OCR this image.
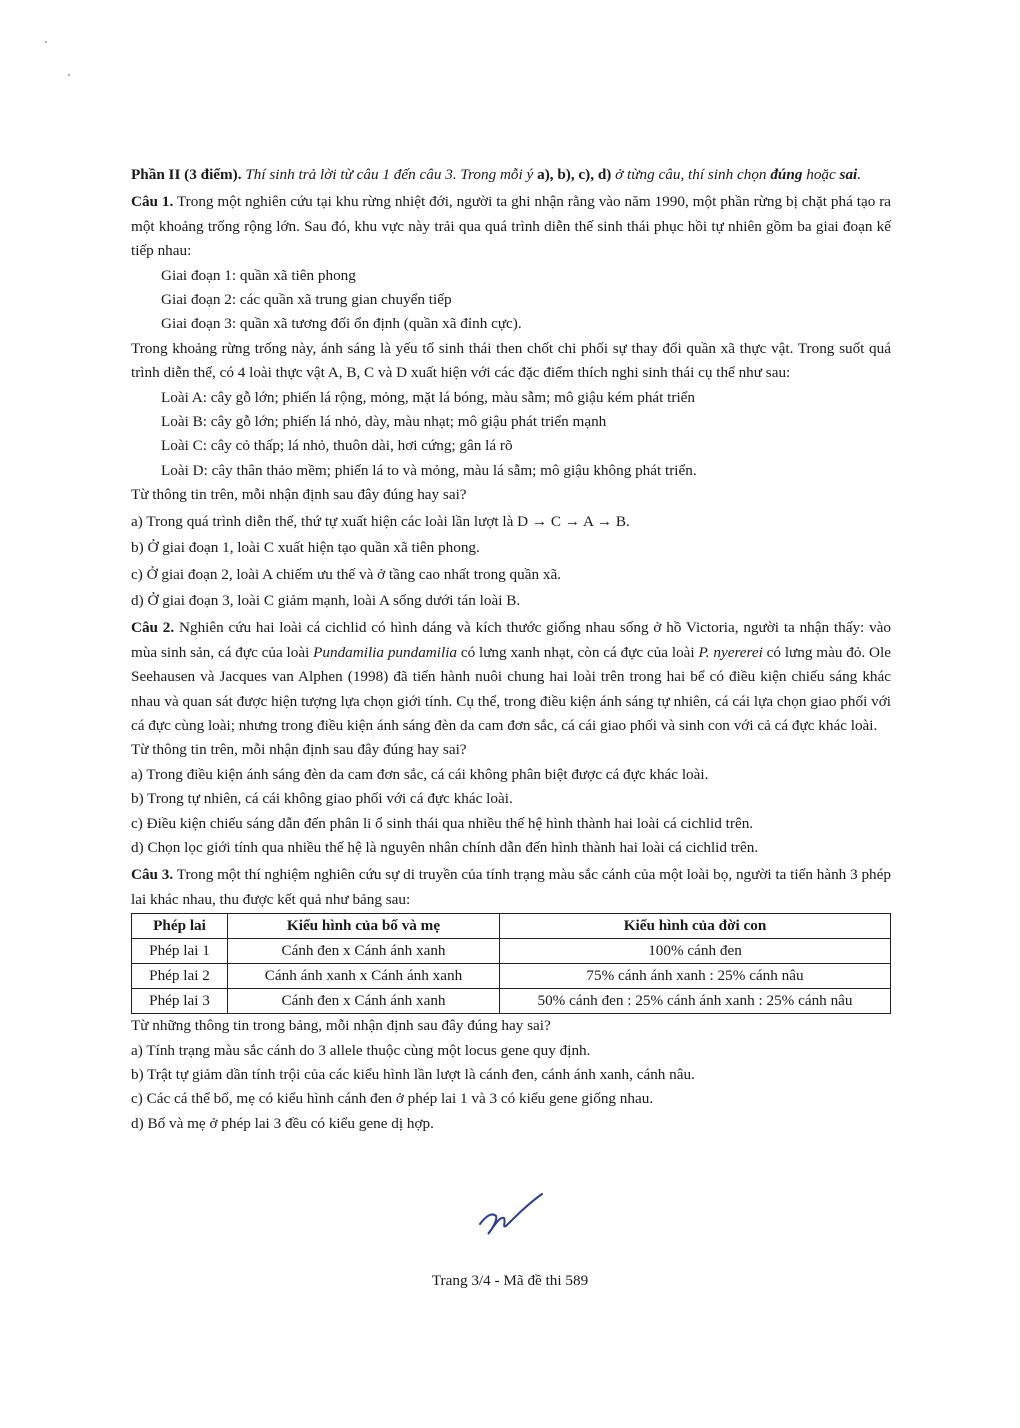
Phần II (3 điểm). Thí sinh trả lời từ câu 1 đến câu 3. Trong mỗi ý a), b), c), d) ở từng câu, thí sinh chọn đúng hoặc sai.

Câu 1. Trong một nghiên cứu tại khu rừng nhiệt đới, người ta ghi nhận rằng vào năm 1990, một phần rừng bị chặt phá tạo ra một khoảng trống rộng lớn. Sau đó, khu vực này trải qua quá trình diễn thế sinh thái phục hồi tự nhiên gồm ba giai đoạn kế tiếp nhau:

Giai đoạn 1: quần xã tiên phong

Giai đoạn 2: các quần xã trung gian chuyển tiếp

Giai đoạn 3: quần xã tương đối ổn định (quần xã đỉnh cực).

Trong khoảng rừng trống này, ánh sáng là yếu tố sinh thái then chốt chi phối sự thay đổi quần xã thực vật. Trong suốt quá trình diễn thế, có 4 loài thực vật A, B, C và D xuất hiện với các đặc điểm thích nghi sinh thái cụ thể như sau:

Loài A: cây gỗ lớn; phiến lá rộng, mỏng, mặt lá bóng, màu sẫm; mô giậu kém phát triển

Loài B: cây gỗ lớn; phiến lá nhỏ, dày, màu nhạt; mô giậu phát triển mạnh

Loài C: cây cỏ thấp; lá nhỏ, thuôn dài, hơi cứng; gân lá rõ

Loài D: cây thân thảo mềm; phiến lá to và mỏng, màu lá sẫm; mô giậu không phát triển.

Từ thông tin trên, mỗi nhận định sau đây đúng hay sai?

a) Trong quá trình diễn thế, thứ tự xuất hiện các loài lần lượt là D → C → A → B.

b) Ở giai đoạn 1, loài C xuất hiện tạo quần xã tiên phong.

c) Ở giai đoạn 2, loài A chiếm ưu thế và ở tầng cao nhất trong quần xã.

d) Ở giai đoạn 3, loài C giảm mạnh, loài A sống dưới tán loài B.

Câu 2. Nghiên cứu hai loài cá cichlid có hình dáng và kích thước giống nhau sống ở hồ Victoria, người ta nhận thấy: vào mùa sinh sản, cá đực của loài Pundamilia pundamilia có lưng xanh nhạt, còn cá đực của loài P. nyererei có lưng màu đỏ. Ole Seehausen và Jacques van Alphen (1998) đã tiến hành nuôi chung hai loài trên trong hai bể có điều kiện chiếu sáng khác nhau và quan sát được hiện tượng lựa chọn giới tính. Cụ thể, trong điều kiện ánh sáng tự nhiên, cá cái lựa chọn giao phối với cá đực cùng loài; nhưng trong điều kiện ánh sáng đèn da cam đơn sắc, cá cái giao phối và sinh con với cả cá đực khác loài.

Từ thông tin trên, mỗi nhận định sau đây đúng hay sai?

a) Trong điều kiện ánh sáng đèn da cam đơn sắc, cá cái không phân biệt được cá đực khác loài.

b) Trong tự nhiên, cá cái không giao phối với cá đực khác loài.

c) Điều kiện chiếu sáng dẫn đến phân li ổ sinh thái qua nhiều thế hệ hình thành hai loài cá cichlid trên.

d) Chọn lọc giới tính qua nhiều thế hệ là nguyên nhân chính dẫn đến hình thành hai loài cá cichlid trên.

Câu 3. Trong một thí nghiệm nghiên cứu sự di truyền của tính trạng màu sắc cánh của một loài bọ, người ta tiến hành 3 phép lai khác nhau, thu được kết quả như bảng sau:

Phép lai	Kiểu hình của bố và mẹ	Kiểu hình của đời con
Phép lai 1	Cánh đen x Cánh ánh xanh	100% cánh đen
Phép lai 2	Cánh ánh xanh x Cánh ánh xanh	75% cánh ánh xanh : 25% cánh nâu
Phép lai 3	Cánh đen x Cánh ánh xanh	50% cánh đen : 25% cánh ánh xanh : 25% cánh nâu

Từ những thông tin trong bảng, mỗi nhận định sau đây đúng hay sai?

a) Tính trạng màu sắc cánh do 3 allele thuộc cùng một locus gene quy định.

b) Trật tự giảm dần tính trội của các kiểu hình lần lượt là cánh đen, cánh ánh xanh, cánh nâu.

c) Các cá thể bố, mẹ có kiểu hình cánh đen ở phép lai 1 và 3 có kiểu gene giống nhau.

d) Bố và mẹ ở phép lai 3 đều có kiểu gene dị hợp.

Trang 3/4 - Mã đề thi 589
